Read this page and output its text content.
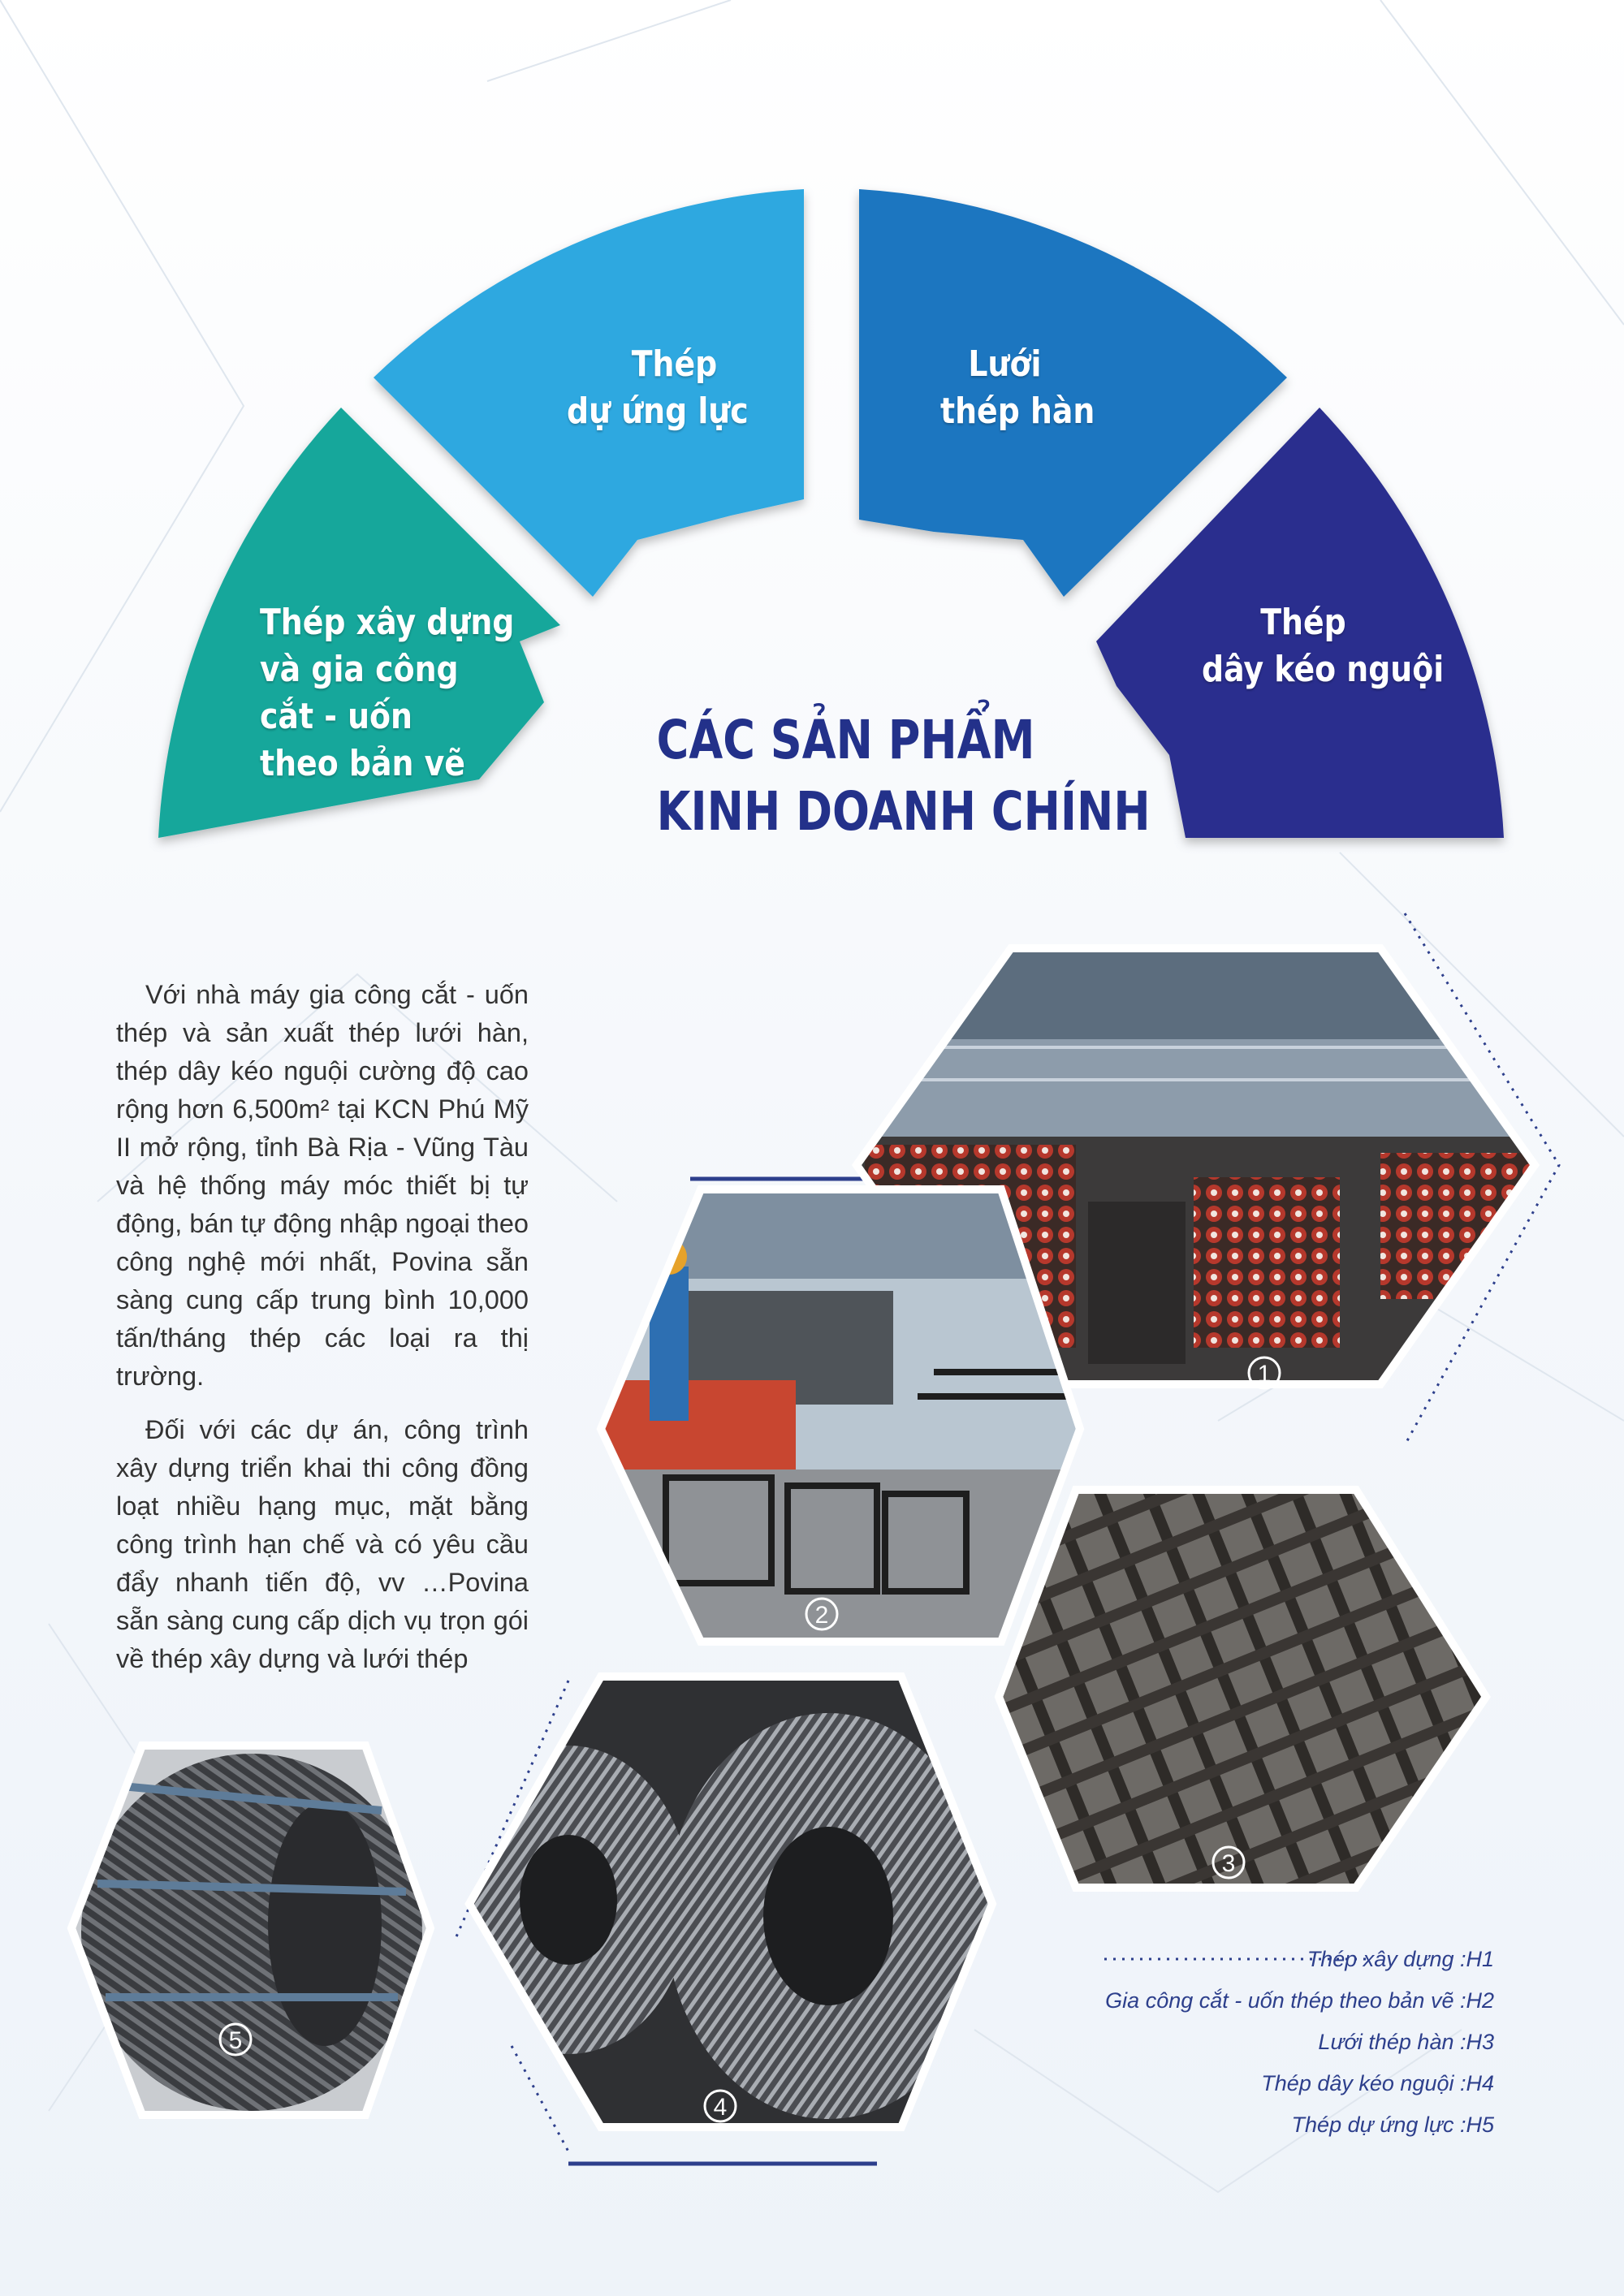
Thép xây dựng
và gia công
cắt - uốn
theo bản vẽ
Thép
dự ứng lực
Lưới
thép hàn
Thép
dây kéo nguội
CÁC SẢN PHẨM
KINH DOANH CHÍNH

Với nhà máy gia công cắt - uốn thép và sản xuất thép lưới hàn, thép dây kéo nguội cường độ cao rộng hơn 6,500m² tại KCN Phú Mỹ II mở rộng, tỉnh Bà Rịa - Vũng Tàu và hệ thống máy móc thiết bị tự động, bán tự động nhập ngoại theo công nghệ mới nhất, Povina sẵn sàng cung cấp trung bình 10,000 tấn/tháng thép các loại ra thị trường.

Đối với các dự án, công trình xây dựng triển khai thi công đồng loạt nhiều hạng mục, mặt bằng công trình hạn chế và có yêu cầu đẩy nhanh tiến độ, vv …Povina sẵn sàng cung cấp dịch vụ trọn gói về thép xây dựng và lưới thép

1
2
3
4
5
Thép xây dựng :H1
Gia công cắt - uốn thép theo bản vẽ :H2
Lưới thép hàn :H3
Thép dây kéo nguội :H4
Thép dự ứng lực :H5
